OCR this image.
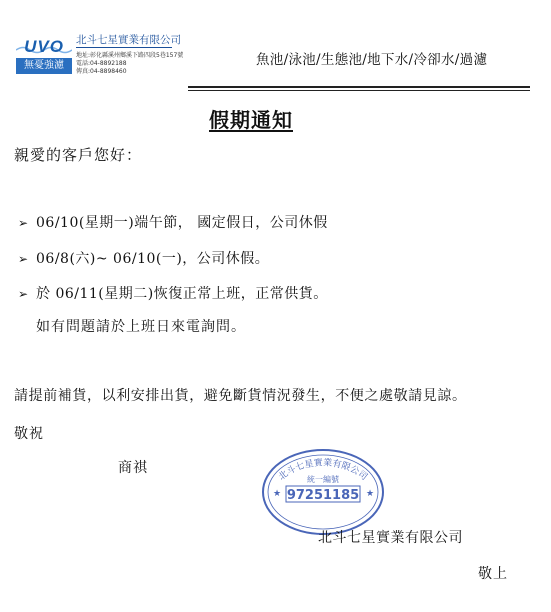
UVO
無憂強濾
北斗七星實業有限公司
地址:彰化縣溪州鄉溪下路四段5巷157號
電話:04-8892188
傳真:04-8898460
魚池/泳池/生態池/地下水/冷卻水/過濾
假期通知
親愛的客戶您好：
➢ 06/10(星期一)端午節， 國定假日，公司休假
➢ 06/8(六)~ 06/10(一)，公司休假。
➢ 於 06/11(星期二)恢復正常上班，正常供貨。
如有問題請於上班日來電詢問。
請提前補貨，以利安排出貨，避免斷貨情況發生，不便之處敬請見諒。
敬祝
商祺	北斗七星實業有限公司
統一編號
97251185
★	★
北斗七星實業有限公司
敬上
